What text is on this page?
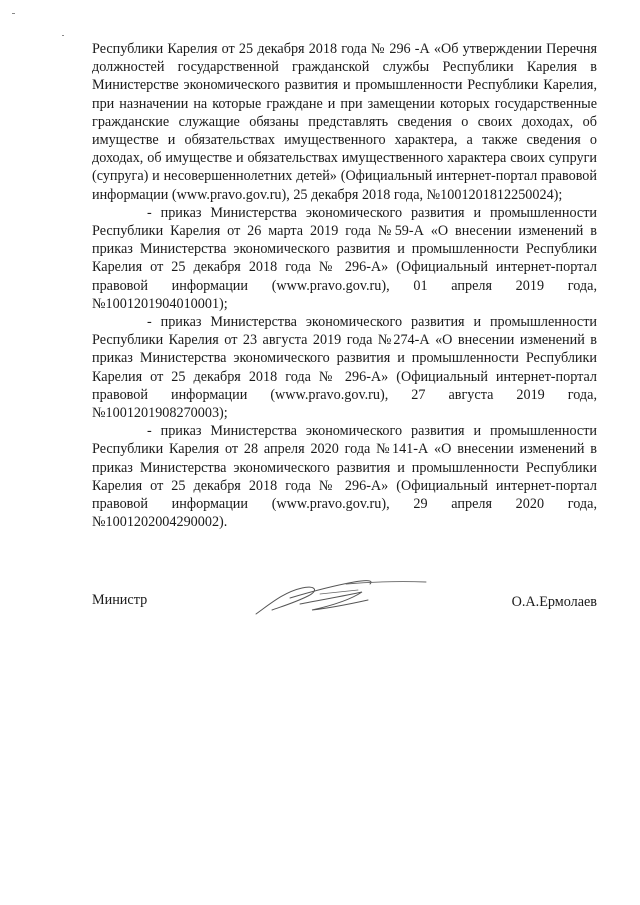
Республики Карелия от 25 декабря 2018 года № 296 -А «Об утверждении Перечня должностей государственной гражданской службы Республики Карелия в Министерстве экономического развития и промышленности Республики Карелия, при назначении на которые граждане и при замещении которых государственные гражданские служащие обязаны представлять сведения о своих доходах, об имуществе и обязательствах имущественного характера, а также сведения о доходах, об имуществе и обязательствах имущественного характера своих супруги (супруга) и несовершеннолетних детей» (Официальный интернет-портал правовой информации (www.pravo.gov.ru), 25 декабря 2018 года, №1001201812250024);

- приказ Министерства экономического развития и промышленности Республики Карелия от 26 марта 2019 года №59-А «О внесении изменений в приказ Министерства экономического развития и промышленности Республики Карелия от 25 декабря 2018 года № 296-А» (Официальный интернет-портал правовой информации (www.pravo.gov.ru), 01 апреля 2019 года, №1001201904010001);

- приказ Министерства экономического развития и промышленности Республики Карелия от 23 августа 2019 года №274-А «О внесении изменений в приказ Министерства экономического развития и промышленности Республики Карелия от 25 декабря 2018 года № 296-А» (Официальный интернет-портал правовой информации (www.pravo.gov.ru), 27 августа 2019 года, №1001201908270003);

- приказ Министерства экономического развития и промышленности Республики Карелия от 28 апреля 2020 года №141-А «О внесении изменений в приказ Министерства экономического развития и промышленности Республики Карелия от 25 декабря 2018 года № 296-А» (Официальный интернет-портал правовой информации (www.pravo.gov.ru), 29 апреля 2020 года, №1001202004290002).

Министр	О.А.Ермолаев
